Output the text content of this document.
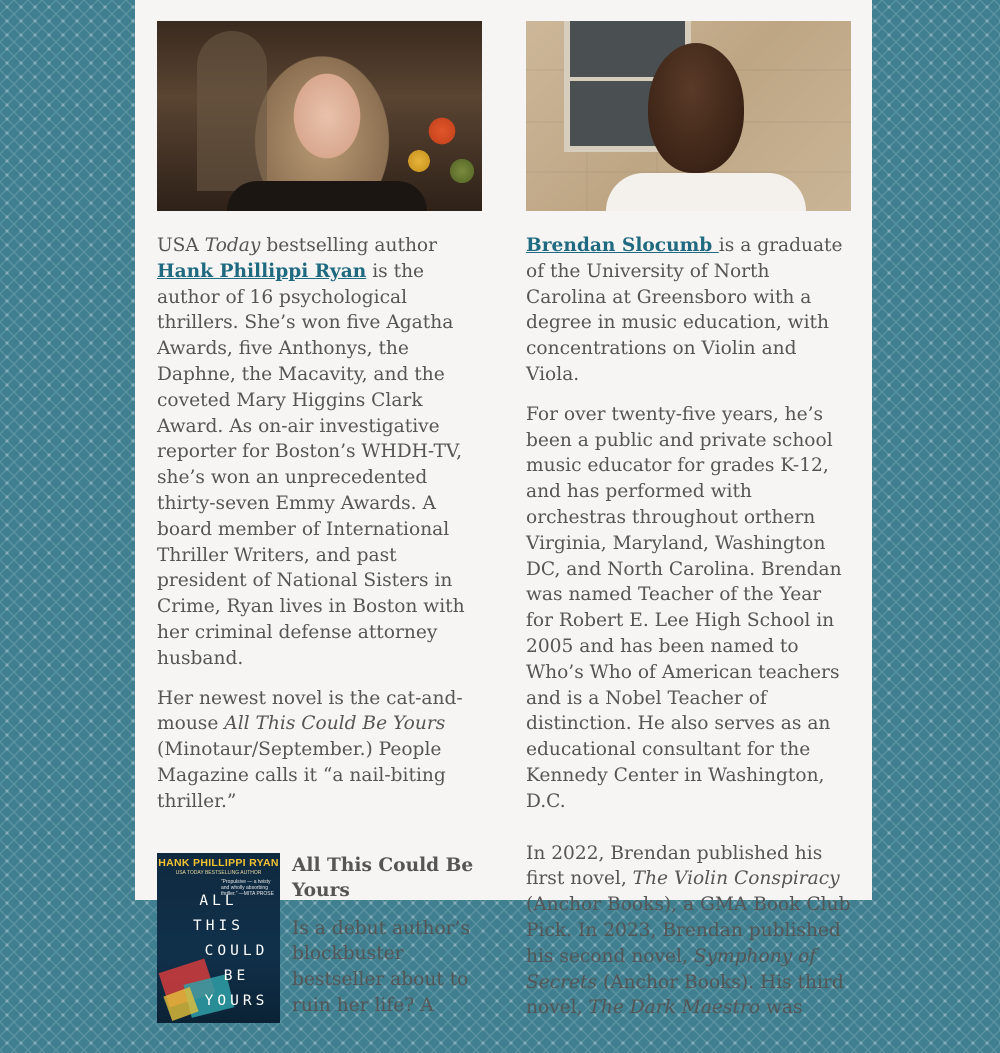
USA Today bestselling author Hank Phillippi Ryan is the author of 16 psychological thrillers. She’s won five Agatha Awards, five Anthonys, the Daphne, the Macavity, and the coveted Mary Higgins Clark Award. As on-air investigative reporter for Boston’s WHDH-TV, she’s won an unprecedented thirty-seven Emmy Awards. A board member of International Thriller Writers, and past president of National Sisters in Crime, Ryan lives in Boston with her criminal defense attorney husband.

Her newest novel is the cat-and-mouse All This Could Be Yours (Minotaur/September.) People Magazine calls it “a nail-biting thriller.”

HANK PHILLIPPI RYAN
USA TODAY BESTSELLING AUTHOR
“Propulsive — a twisty and wholly absorbing thriller.” —MITA PROSE
ALL
THIS
COULD
BE
YOURS
All This Could Be Yours
Is a debut author’s blockbuster bestseller about to ruin her life? A

Brendan Slocumb is a graduate of the University of North Carolina at Greensboro with a degree in music education, with concentrations on Violin and Viola.

For over twenty-five years, he’s been a public and private school music educator for grades K-12, and has performed with orchestras throughout orthern Virginia, Maryland, Washington DC, and North Carolina. Brendan was named Teacher of the Year for Robert E. Lee High School in 2005 and has been named to Who’s Who of American teachers and is a Nobel Teacher of distinction. He also serves as an educational consultant for the Kennedy Center in Washington, D.C.

In 2022, Brendan published his first novel, The Violin Conspiracy (Anchor Books), a GMA Book Club Pick. In 2023, Brendan published his second novel, Symphony of Secrets (Anchor Books). His third novel, The Dark Maestro was
